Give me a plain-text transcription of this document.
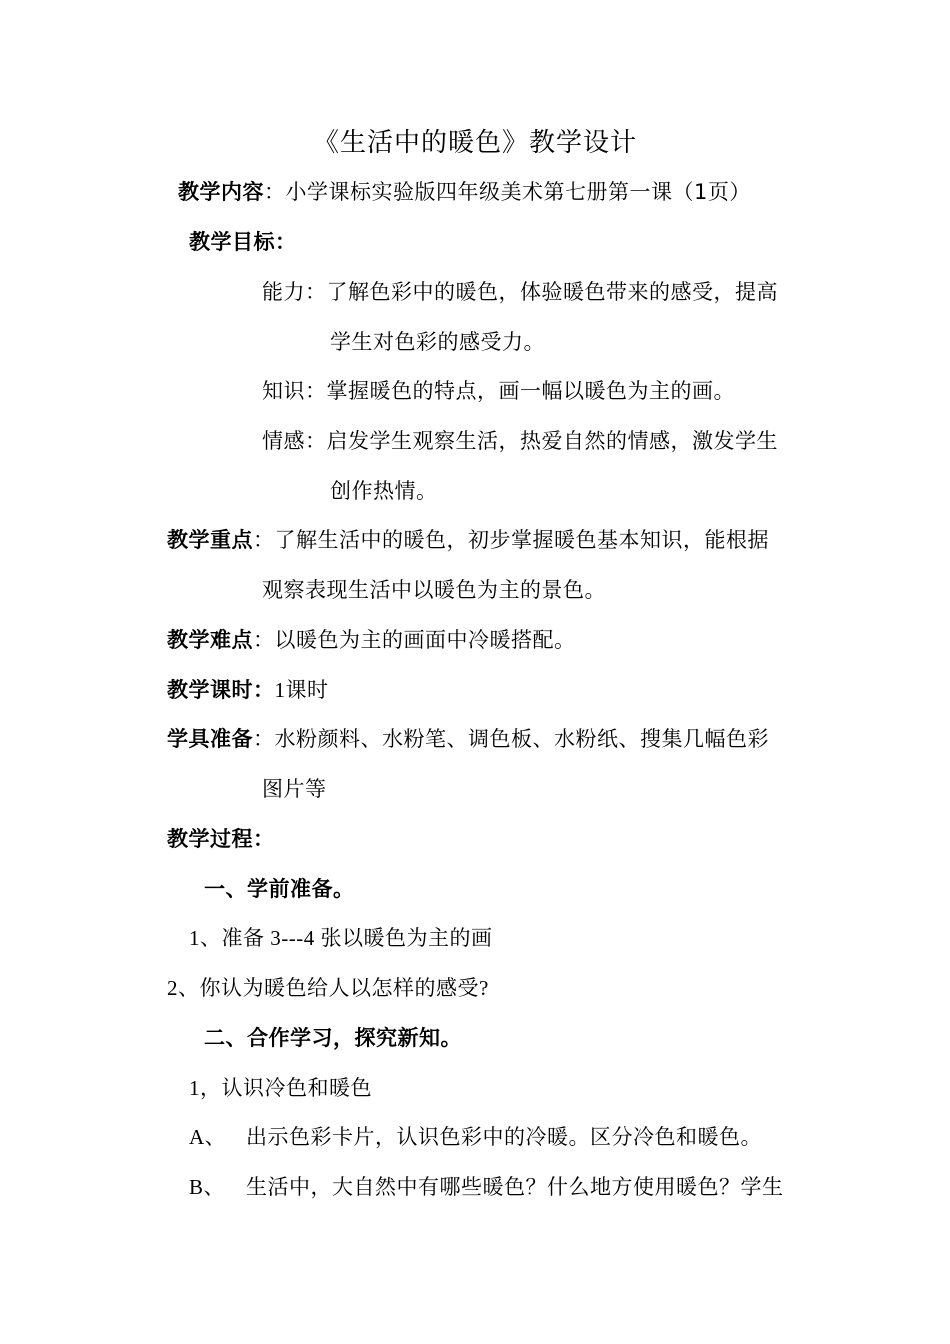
《生活中的暖色》教学设计
教学内容：小学课标实验版四年级美术第七册第一课（1页）
教学目标：
能力：了解色彩中的暖色，体验暖色带来的感受，提高
学生对色彩的感受力。
知识：掌握暖色的特点，画一幅以暖色为主的画。
情感：启发学生观察生活，热爱自然的情感，激发学生
创作热情。
教学重点：了解生活中的暖色，初步掌握暖色基本知识，能根据
观察表现生活中以暖色为主的景色。
教学难点：以暖色为主的画面中冷暖搭配。
教学课时：1课时
学具准备：水粉颜料、水粉笔、调色板、水粉纸、搜集几幅色彩
图片等
教学过程：
一、学前准备。
1、准备 3---4 张以暖色为主的画
2、你认为暖色给人以怎样的感受?
二、合作学习，探究新知。
1，认识冷色和暖色
A、 出示色彩卡片，认识色彩中的冷暖。区分冷色和暖色。
B、 生活中，大自然中有哪些暖色？什么地方使用暖色？学生
